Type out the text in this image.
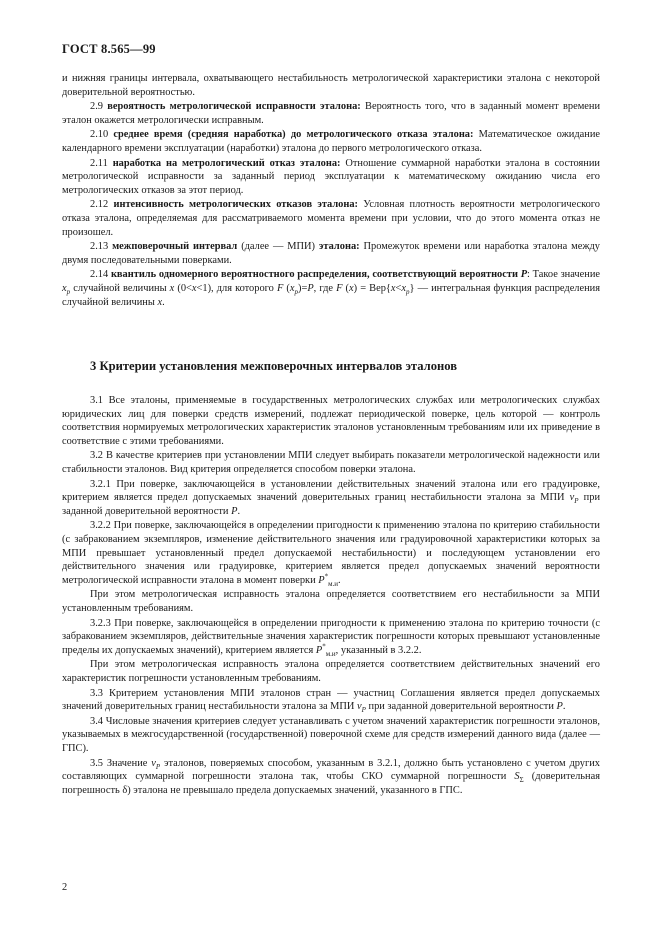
ГОСТ 8.565—99

и нижняя границы интервала, охватывающего нестабильность метрологической характеристики эталона с некоторой доверительной вероятностью.

2.9 вероятность метрологической исправности эталона: Вероятность того, что в заданный момент времени эталон окажется метрологически исправным.

2.10 среднее время (средняя наработка) до метрологического отказа эталона: Математическое ожидание календарного времени эксплуатации (наработки) эталона до первого метрологического отказа.

2.11 наработка на метрологический отказ эталона: Отношение суммарной наработки эталона в состоянии метрологической исправности за заданный период эксплуатации к математическому ожиданию числа его метрологических отказов за этот период.

2.12 интенсивность метрологических отказов эталона: Условная плотность вероятности метрологического отказа эталона, определяемая для рассматриваемого момента времени при условии, что до этого момента отказ не произошел.

2.13 межповерочный интервал (далее — МПИ) эталона: Промежуток времени или наработка эталона между двумя последовательными поверками.

2.14 квантиль одномерного вероятностного распределения, соответствующий вероятности P: Такое значение $x_p$ случайной величины x (0<x<1), для которого F $(x_p)=P$, где F $(x) = Вер\{x<x_p\}$ — интегральная функция распределения случайной величины x.

3 Критерии установления межповерочных интервалов эталонов

3.1 Все эталоны, применяемые в государственных метрологических службах или метрологических службах юридических лиц для поверки средств измерений, подлежат периодической поверке, цель которой — контроль соответствия нормируемых метрологических характеристик эталонов установленным требованиям или их приведение в соответствие с этими требованиями.

3.2 В качестве критериев при установлении МПИ следует выбирать показатели метрологической надежности или стабильности эталонов. Вид критерия определяется способом поверки эталона.

3.2.1 При поверке, заключающейся в установлении действительных значений эталона или его градуировке, критерием является предел допускаемых значений доверительных границ нестабильности эталона за МПИ $\nu_P$ при заданной доверительной вероятности P.

3.2.2 При поверке, заключающейся в определении пригодности к применению эталона по критерию стабильности (с забракованием экземпляров, изменение действительного значения или градуировочной характеристики которых за МПИ превышает установленный предел допускаемой нестабильности) и последующем установлении его действительного значения или градуировке, критерием является предел допускаемых значений вероятности метрологической исправности эталона в момент поверки $P^*_{м.и}$.

При этом метрологическая исправность эталона определяется соответствием его нестабильности за МПИ установленным требованиям.

3.2.3 При поверке, заключающейся в определении пригодности к применению эталона по критерию точности (с забракованием экземпляров, действительные значения характеристик погрешности которых превышают установленные пределы их допускаемых значений), критерием является $P^*_{м.и}$, указанный в 3.2.2.

При этом метрологическая исправность эталона определяется соответствием действительных значений его характеристик погрешности установленным требованиям.

3.3 Критерием установления МПИ эталонов стран — участниц Соглашения является предел допускаемых значений доверительных границ нестабильности эталона за МПИ $\nu_P$ при заданной доверительной вероятности P.

3.4 Числовые значения критериев следует устанавливать с учетом значений характеристик погрешности эталонов, указываемых в межгосударственной (государственной) поверочной схеме для средств измерений данного вида (далее — ГПС).

3.5 Значение $\nu_P$ эталонов, поверяемых способом, указанным в 3.2.1, должно быть установлено с учетом других составляющих суммарной погрешности эталона так, чтобы СКО суммарной погрешности $S_\Sigma$ (доверительная погрешность δ) эталона не превышало предела допускаемых значений, указанного в ГПС.

2
